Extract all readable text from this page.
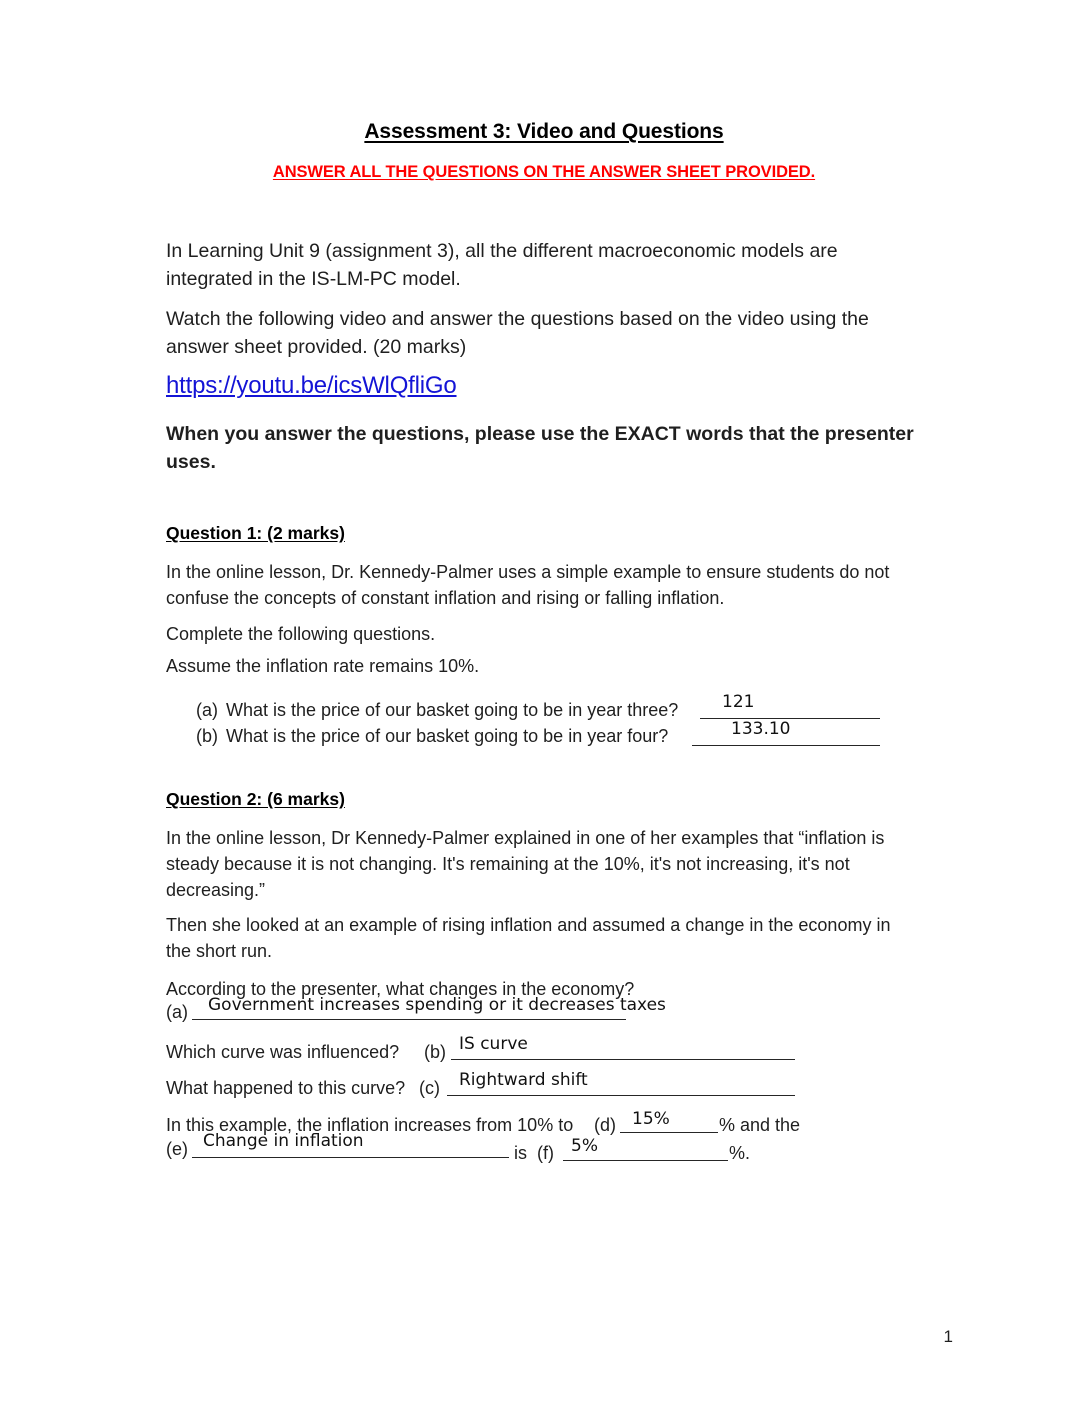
Assessment 3: Video and Questions
ANSWER ALL THE QUESTIONS ON THE ANSWER SHEET PROVIDED.
In Learning Unit 9 (assignment 3), all the different macroeconomic models are integrated in the IS-LM-PC model.
Watch the following video and answer the questions based on the video using the answer sheet provided. (20 marks)
https://youtu.be/icsWlQfliGo
When you answer the questions, please use the EXACT words that the presenter uses.
Question 1: (2 marks)
In the online lesson, Dr. Kennedy-Palmer uses a simple example to ensure students do not confuse the concepts of constant inflation and rising or falling inflation.
Complete the following questions.
Assume the inflation rate remains 10%.
(a) What is the price of our basket going to be in year three?	121
(b) What is the price of our basket going to be in year four?	133.10
Question 2: (6 marks)
In the online lesson, Dr Kennedy-Palmer explained in one of her examples that “inflation is steady because it is not changing. It's remaining at the 10%, it's not increasing, it's not decreasing.”
Then she looked at an example of rising inflation and assumed a change in the economy in the short run.
According to the presenter, what changes in the economy?
(a) Government increases spending or it decreases taxes
Which curve was influenced? (b) IS curve
What happened to this curve? (c) Rightward shift
In this example, the inflation increases from 10% to (d) 15%	% and the
(e) Change in inflation
is (f) 5%	%.
1
